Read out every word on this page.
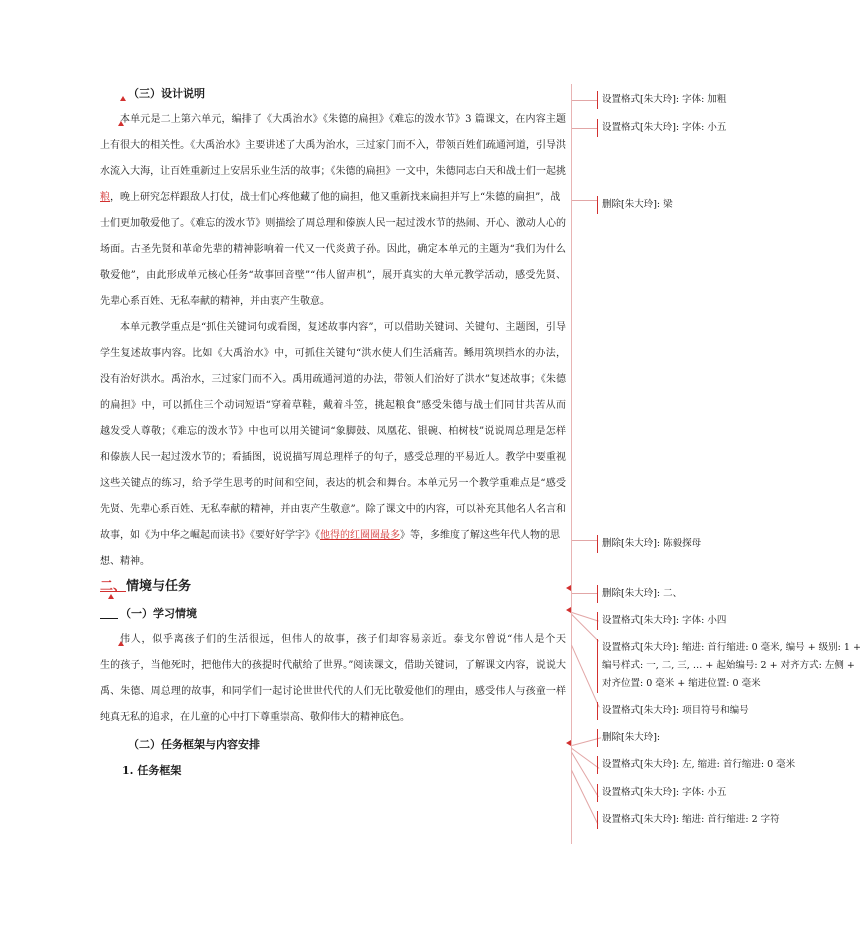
（三）设计说明
本单元是二上第六单元，编排了《大禹治水》《朱德的扁担》《难忘的泼水节》3 篇课文，在内容主题
上有很大的相关性。《大禹治水》主要讲述了大禹为治水，三过家门而不入，带领百姓们疏通河道，引导洪
水流入大海，让百姓重新过上安居乐业生活的故事；《朱德的扁担》一文中，朱德同志白天和战士们一起挑
粮，晚上研究怎样跟敌人打仗，战士们心疼他藏了他的扁担，他又重新找来扁担并写上“朱德的扁担”，战
士们更加敬爱他了。《难忘的泼水节》则描绘了周总理和傣族人民一起过泼水节的热闹、开心、激动人心的
场面。古圣先贤和革命先辈的精神影响着一代又一代炎黄子孙。因此，确定本单元的主题为“我们为什么
敬爱他”，由此形成单元核心任务“故事回音壁”“伟人留声机”，展开真实的大单元教学活动，感受先贤、
先辈心系百姓、无私奉献的精神，并由衷产生敬意。
本单元教学重点是“抓住关键词句或看图，复述故事内容”，可以借助关键词、关键句、主题图，引导
学生复述故事内容。比如《大禹治水》中，可抓住关键句“洪水使人们生活痛苦。鲧用筑坝挡水的办法，
没有治好洪水。禹治水，三过家门而不入。禹用疏通河道的办法，带领人们治好了洪水”复述故事；《朱德
的扁担》中，可以抓住三个动词短语“穿着草鞋，戴着斗笠，挑起粮食”感受朱德与战士们同甘共苦从而
越发受人尊敬；《难忘的泼水节》中也可以用关键词“象脚鼓、凤凰花、银碗、柏树枝”说说周总理是怎样
和傣族人民一起过泼水节的；看插图，说说描写周总理样子的句子，感受总理的平易近人。教学中要重视
这些关键点的练习，给予学生思考的时间和空间，表达的机会和舞台。本单元另一个教学重难点是“感受
先贤、先辈心系百姓、无私奉献的精神，并由衷产生敬意”。除了课文中的内容，可以补充其他名人名言和
故事，如《为中华之崛起而读书》《要好好学字》《他得的红圈圈最多》等，多维度了解这些年代人物的思
想、精神。
二、情境与任务
（一）学习情境
伟人，似乎离孩子们的生活很远，但伟人的故事，孩子们却容易亲近。泰戈尔曾说“伟人是个天
生的孩子，当他死时，把他伟大的孩提时代献给了世界。”阅读课文，借助关键词，了解课文内容，说说大
禹、朱德、周总理的故事，和同学们一起讨论世世代代的人们无比敬爱他们的理由，感受伟人与孩童一样
纯真无私的追求，在儿童的心中打下尊重崇高、敬仰伟大的精神底色。
（二）任务框架与内容安排
1. 任务框架
设置格式[朱大玲]: 字体: 加粗
设置格式[朱大玲]: 字体: 小五
删除[朱大玲]: 梁
删除[朱大玲]: 陈毅探母
删除[朱大玲]: 二、
设置格式[朱大玲]: 字体: 小四
设置格式[朱大玲]: 缩进: 首行缩进: 0 毫米, 编号 + 级别: 1 + 编号样式: 一, 二, 三, … + 起始编号: 2 + 对齐方式: 左侧 + 对齐位置: 0 毫米 + 缩进位置: 0 毫米
设置格式[朱大玲]: 项目符号和编号
删除[朱大玲]:
设置格式[朱大玲]: 左, 缩进: 首行缩进: 0 毫米
设置格式[朱大玲]: 字体: 小五
设置格式[朱大玲]: 缩进: 首行缩进: 2 字符
